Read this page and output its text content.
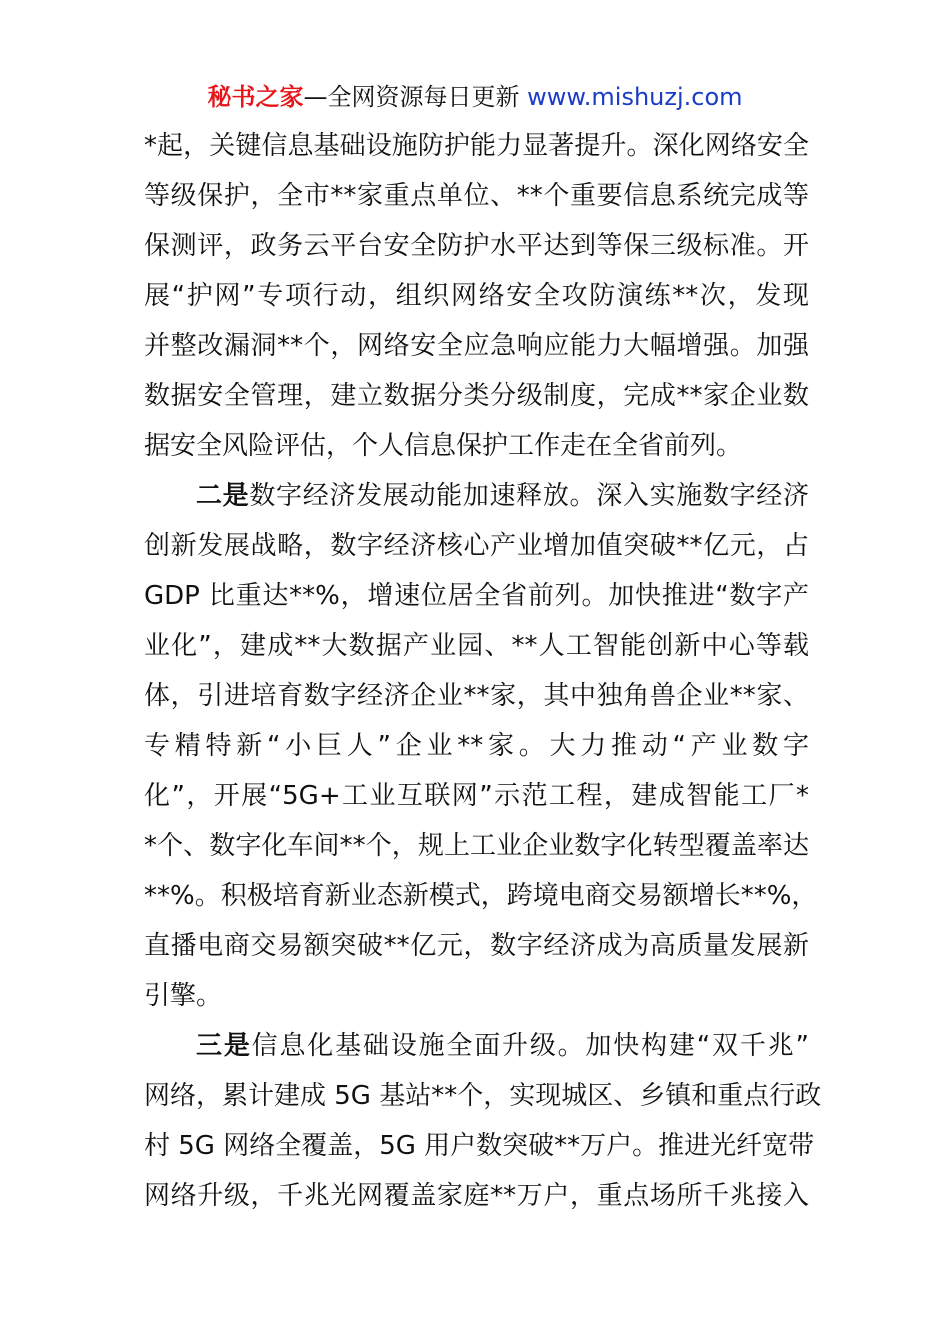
秘书之家—全网资源每日更新 www.mishuzj.com
*起，关键信息基础设施防护能力显著提升。深化网络安全
等级保护，全市**家重点单位、**个重要信息系统完成等
保测评，政务云平台安全防护水平达到等保三级标准。开
展“护网”专项行动，组织网络安全攻防演练**次，发现
并整改漏洞**个，网络安全应急响应能力大幅增强。加强
数据安全管理，建立数据分类分级制度，完成**家企业数
据安全风险评估，个人信息保护工作走在全省前列。
二是数字经济发展动能加速释放。深入实施数字经济
创新发展战略，数字经济核心产业增加值突破**亿元，占
GDP 比重达**%，增速位居全省前列。加快推进“数字产
业化”，建成**大数据产业园、**人工智能创新中心等载
体，引进培育数字经济企业**家，其中独角兽企业**家、
专精特新“小巨人”企业**家。大力推动“产业数字
化”，开展“5G+工业互联网”示范工程，建成智能工厂*
*个、数字化车间**个，规上工业企业数字化转型覆盖率达
**%。积极培育新业态新模式，跨境电商交易额增长**%，
直播电商交易额突破**亿元，数字经济成为高质量发展新
引擎。
三是信息化基础设施全面升级。加快构建“双千兆”
网络，累计建成 5G 基站**个，实现城区、乡镇和重点行政
村 5G 网络全覆盖，5G 用户数突破**万户。推进光纤宽带
网络升级，千兆光网覆盖家庭**万户，重点场所千兆接入
